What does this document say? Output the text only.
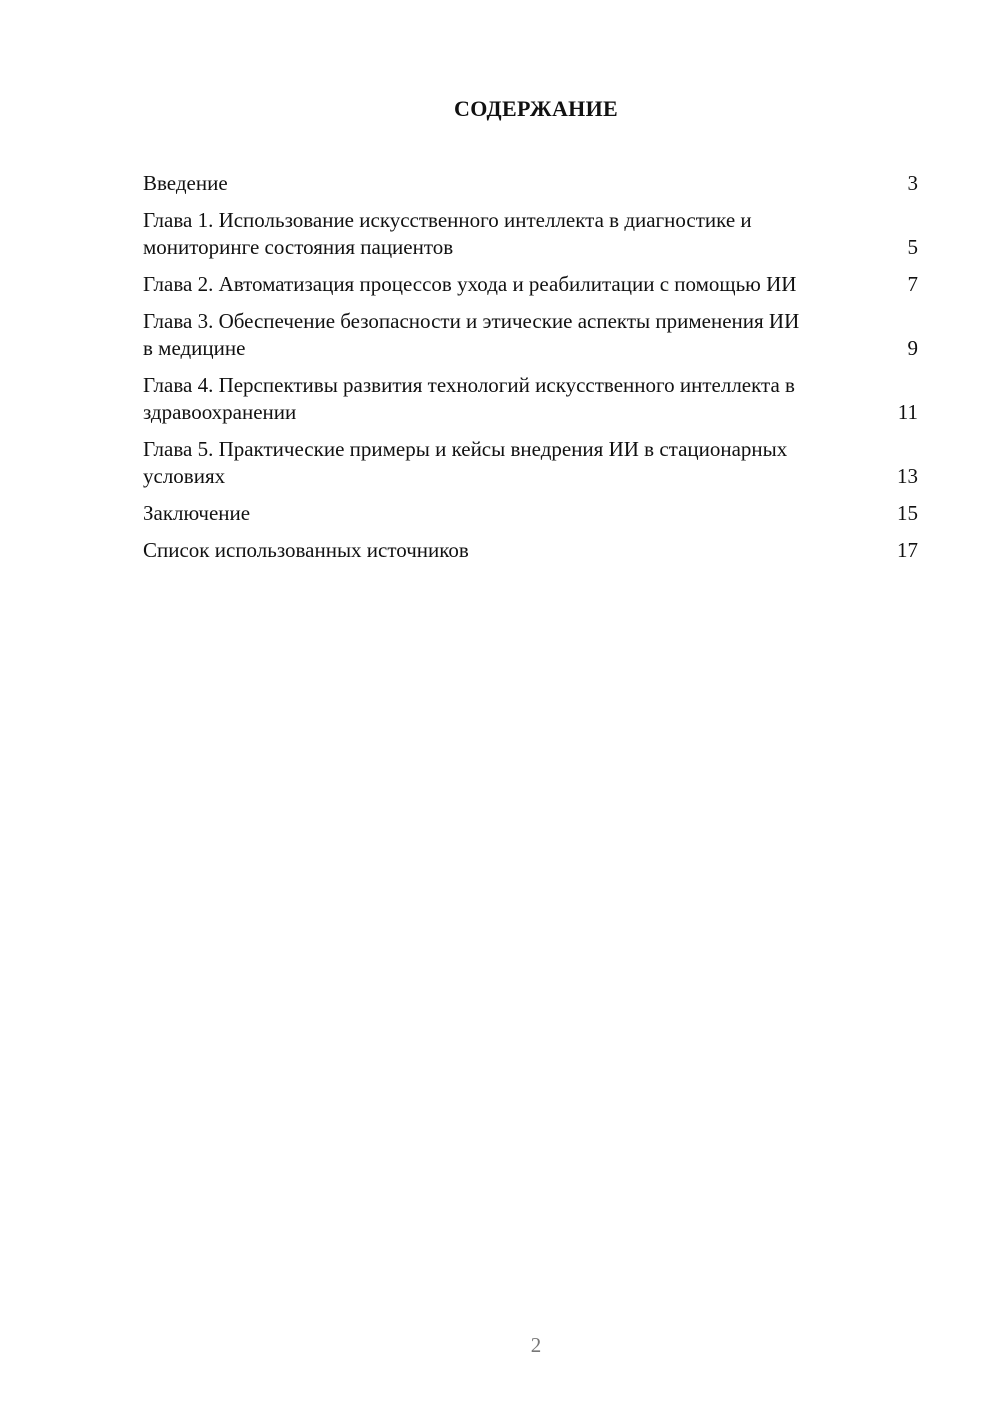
СОДЕРЖАНИЕ
Введение	3
Глава 1. Использование искусственного интеллекта в диагностике и мониторинге состояния пациентов	5
Глава 2. Автоматизация процессов ухода и реабилитации с помощью ИИ	7
Глава 3. Обеспечение безопасности и этические аспекты применения ИИ в медицине	9
Глава 4. Перспективы развития технологий искусственного интеллекта в здравоохранении	11
Глава 5. Практические примеры и кейсы внедрения ИИ в стационарных условиях	13
Заключение	15
Список использованных источников	17
2
